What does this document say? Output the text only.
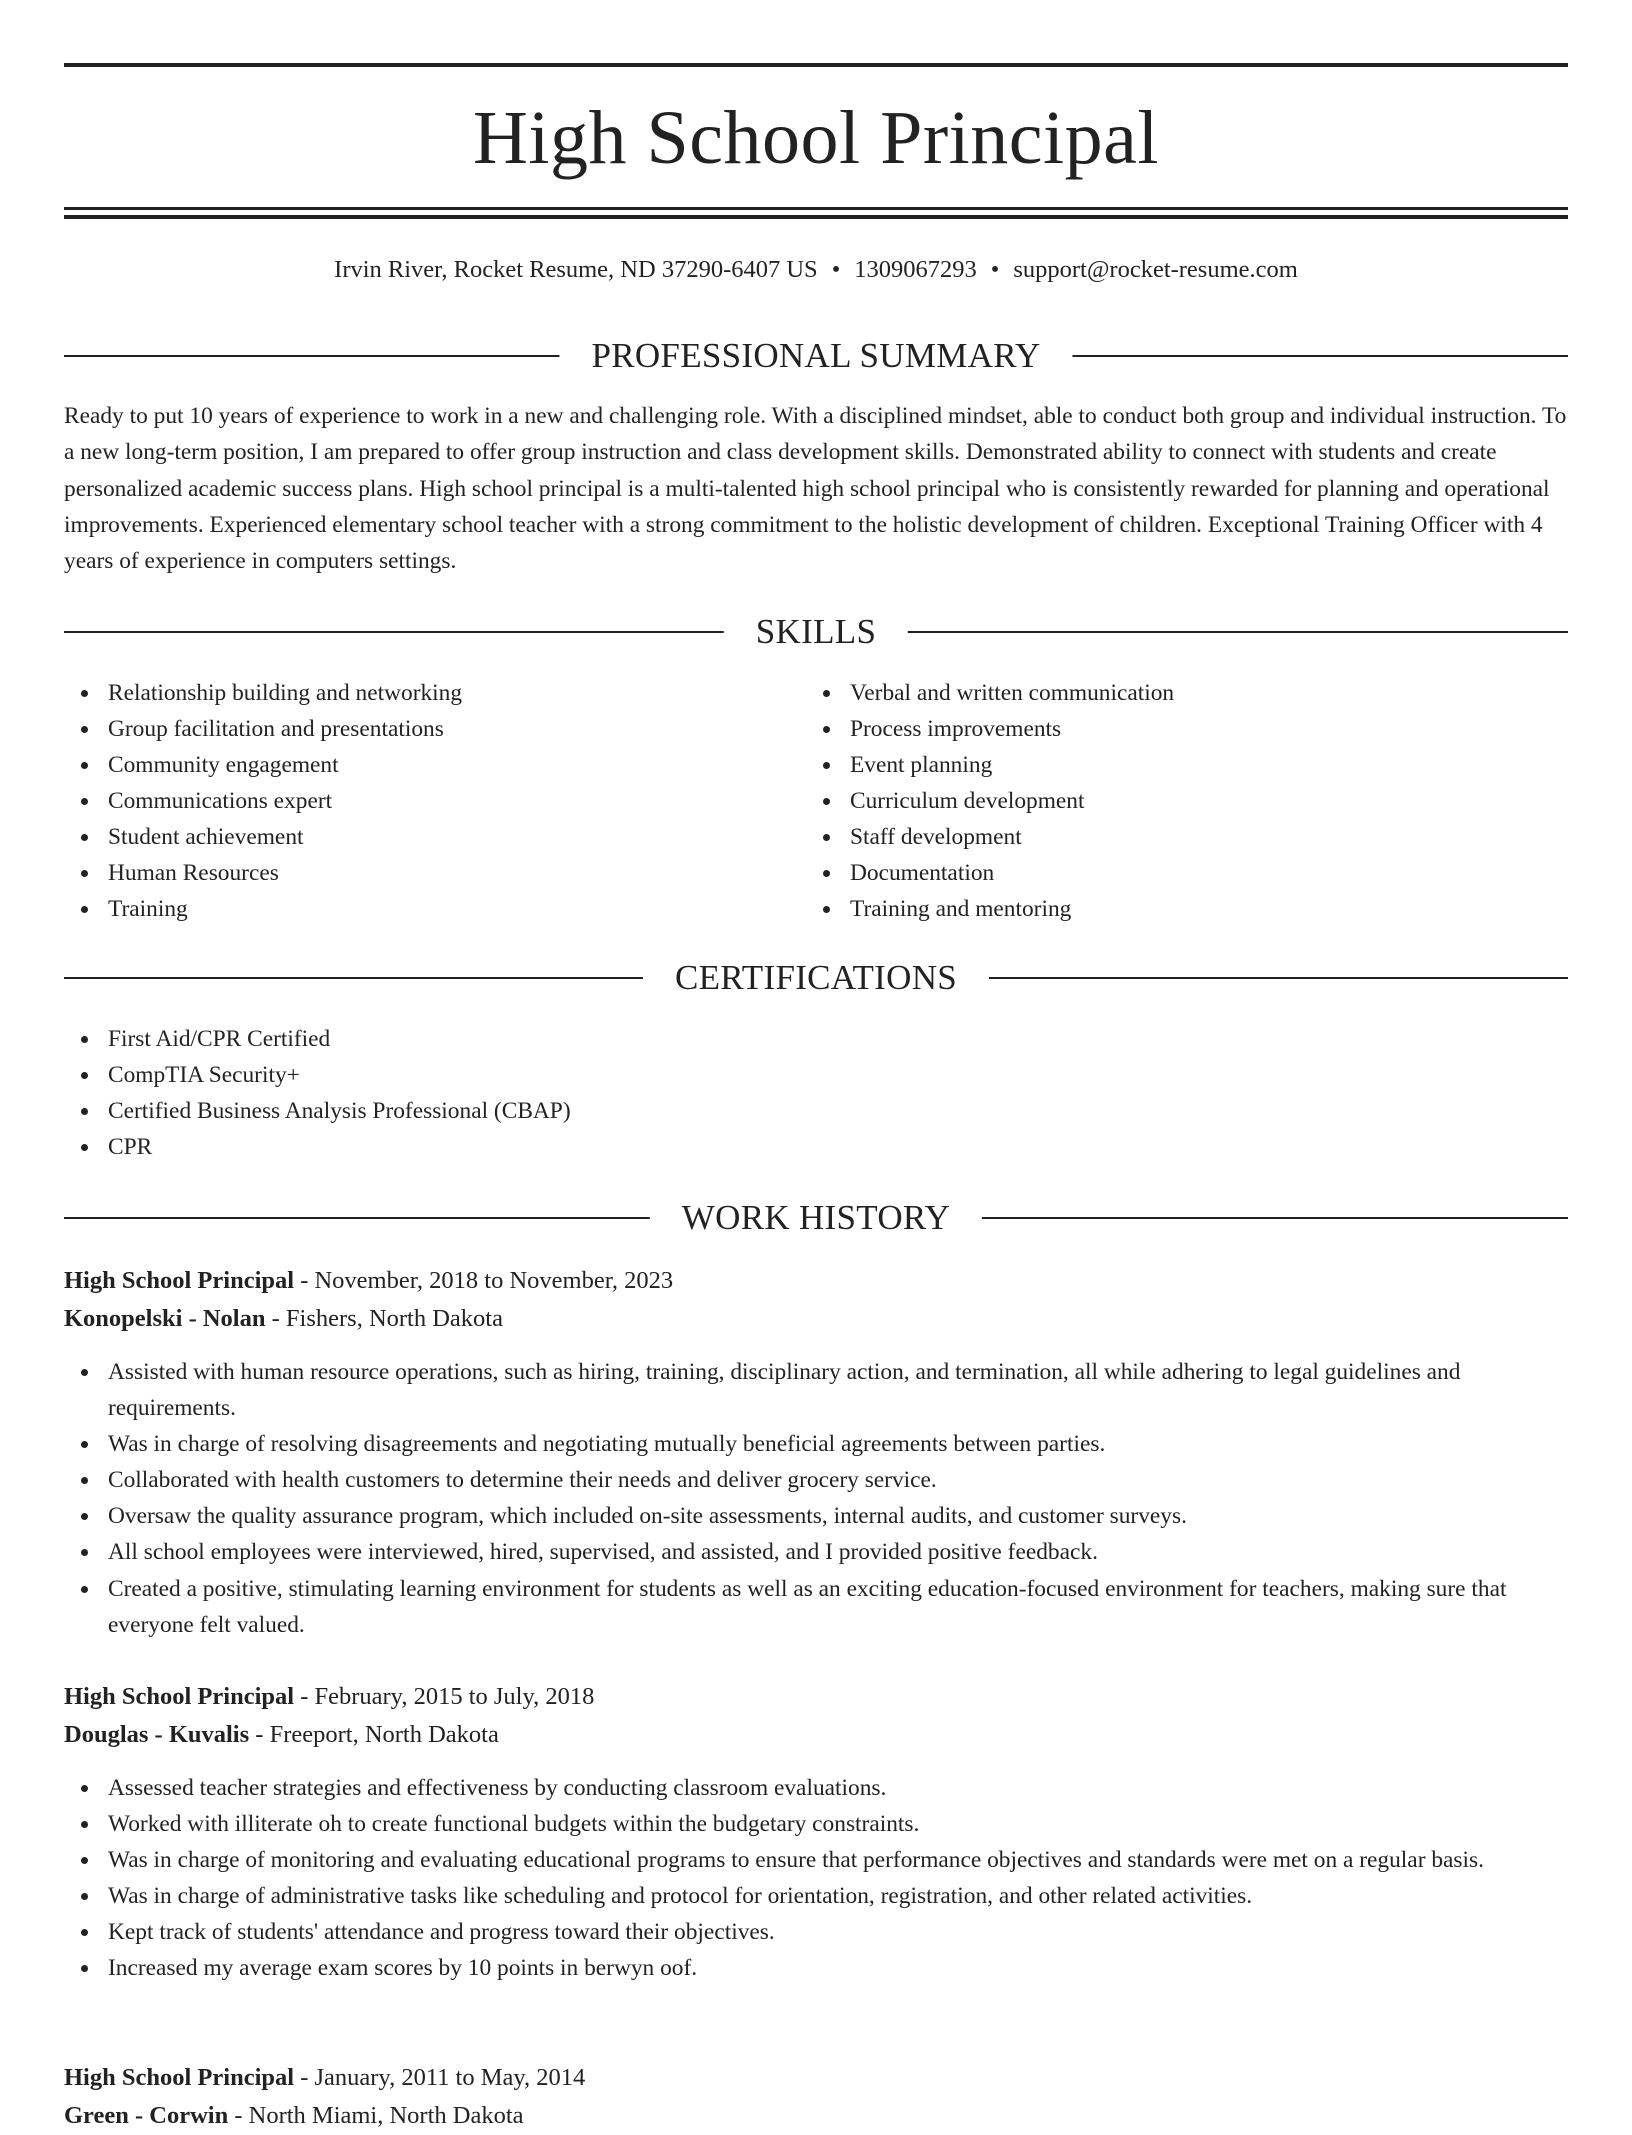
High School Principal
Irvin River, Rocket Resume, ND 37290-6407 US • 1309067293 • support@rocket-resume.com
PROFESSIONAL SUMMARY

Ready to put 10 years of experience to work in a new and challenging role. With a disciplined mindset, able to conduct both group and individual instruction. To a new long-term position, I am prepared to offer group instruction and class development skills. Demonstrated ability to connect with students and create personalized academic success plans. High school principal is a multi-talented high school principal who is consistently rewarded for planning and operational improvements. Experienced elementary school teacher with a strong commitment to the holistic development of children. Exceptional Training Officer with 4 years of experience in computers settings.

SKILLS
Relationship building and networking
Group facilitation and presentations
Community engagement
Communications expert
Student achievement
Human Resources
Training
Verbal and written communication
Process improvements
Event planning
Curriculum development
Staff development
Documentation
Training and mentoring
CERTIFICATIONS
First Aid/CPR Certified
CompTIA Security+
Certified Business Analysis Professional (CBAP)
CPR
WORK HISTORY
High School Principal - November, 2018 to November, 2023
Konopelski - Nolan - Fishers, North Dakota
Assisted with human resource operations, such as hiring, training, disciplinary action, and termination, all while adhering to legal guidelines and requirements.
Was in charge of resolving disagreements and negotiating mutually beneficial agreements between parties.
Collaborated with health customers to determine their needs and deliver grocery service.
Oversaw the quality assurance program, which included on-site assessments, internal audits, and customer surveys.
All school employees were interviewed, hired, supervised, and assisted, and I provided positive feedback.
Created a positive, stimulating learning environment for students as well as an exciting education-focused environment for teachers, making sure that everyone felt valued.
High School Principal - February, 2015 to July, 2018
Douglas - Kuvalis - Freeport, North Dakota
Assessed teacher strategies and effectiveness by conducting classroom evaluations.
Worked with illiterate oh to create functional budgets within the budgetary constraints.
Was in charge of monitoring and evaluating educational programs to ensure that performance objectives and standards were met on a regular basis.
Was in charge of administrative tasks like scheduling and protocol for orientation, registration, and other related activities.
Kept track of students' attendance and progress toward their objectives.
Increased my average exam scores by 10 points in berwyn oof.
High School Principal - January, 2011 to May, 2014
Green - Corwin - North Miami, North Dakota
